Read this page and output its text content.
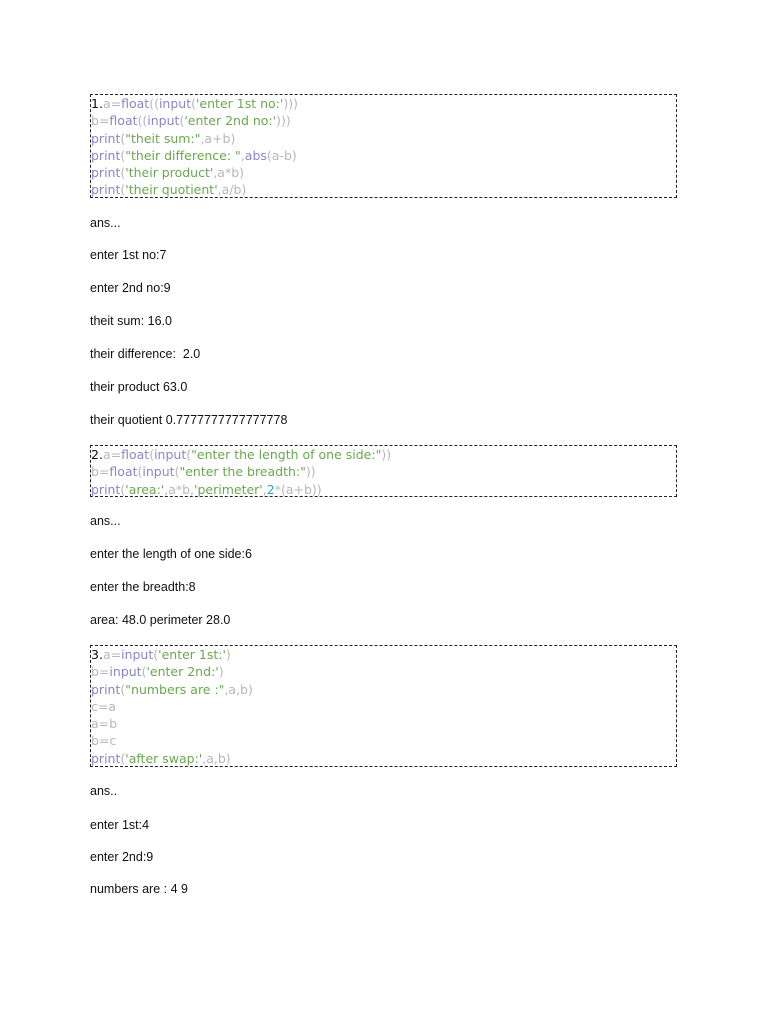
1.a=float((input('enter 1st no:')))
b=float((input('enter 2nd no:')))
print("theit sum:",a+b)
print("their difference: ",abs(a-b)
print('their product',a*b)
print('their quotient',a/b)
ans...
enter 1st no:7
enter 2nd no:9
theit sum: 16.0
their difference:  2.0
their product 63.0
their quotient 0.7777777777777778
2.a=float(input("enter the length of one side:"))
b=float(input("enter the breadth:"))
print('area:',a*b,'perimeter',2*(a+b))
ans...
enter the length of one side:6
enter the breadth:8
area: 48.0 perimeter 28.0
3.a=input('enter 1st:')
b=input('enter 2nd:')
print("numbers are :",a,b)
c=a
a=b
b=c
print('after swap:',a,b)
ans..
enter 1st:4
enter 2nd:9
numbers are : 4 9
